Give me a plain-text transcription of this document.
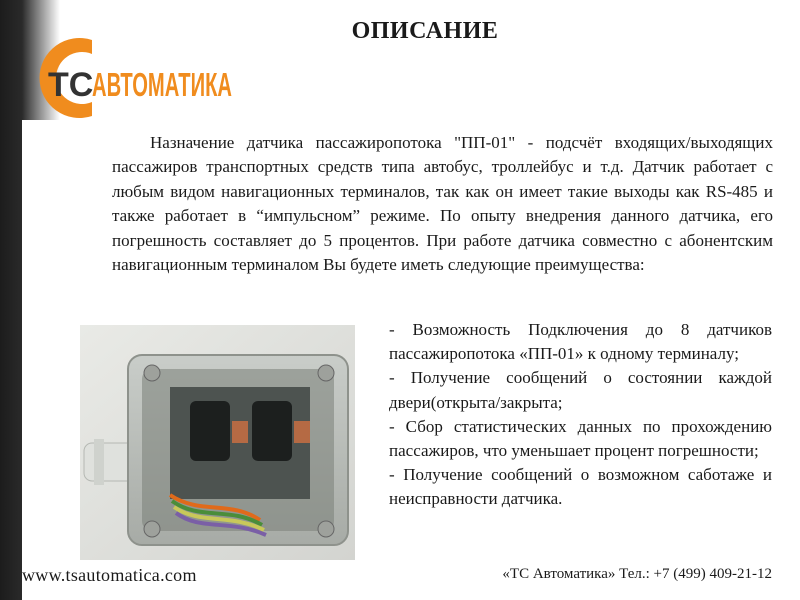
ТС
АВТОМАТИКА
ОПИСАНИЕ

Назначение датчика пассажиропотока "ПП-01" - подсчёт входящих/выходящих пассажиров транспортных средств типа автобус, троллейбус и т.д. Датчик работает с любым видом навигационных терминалов, так как он имеет такие выходы как RS-485 и также работает в “импульсном” режиме. По опыту внедрения данного датчика, его погрешность составляет до 5 процентов. При работе датчика совместно с абонентским навигационным терминалом Вы будете иметь следующие преимущества:

- Возможность Подключения до 8 датчиков пассажиропотока «ПП-01» к одному терминалу;

- Получение сообщений о состоянии каждой двери(открыта/закрыта;

- Сбор статистических данных по прохождению пассажиров, что уменьшает процент погрешности;

- Получение сообщений о возможном саботаже и неисправности датчика.

www.tsautomatica.com	«ТС Автоматика» Тел.: +7 (499) 409-21-12
